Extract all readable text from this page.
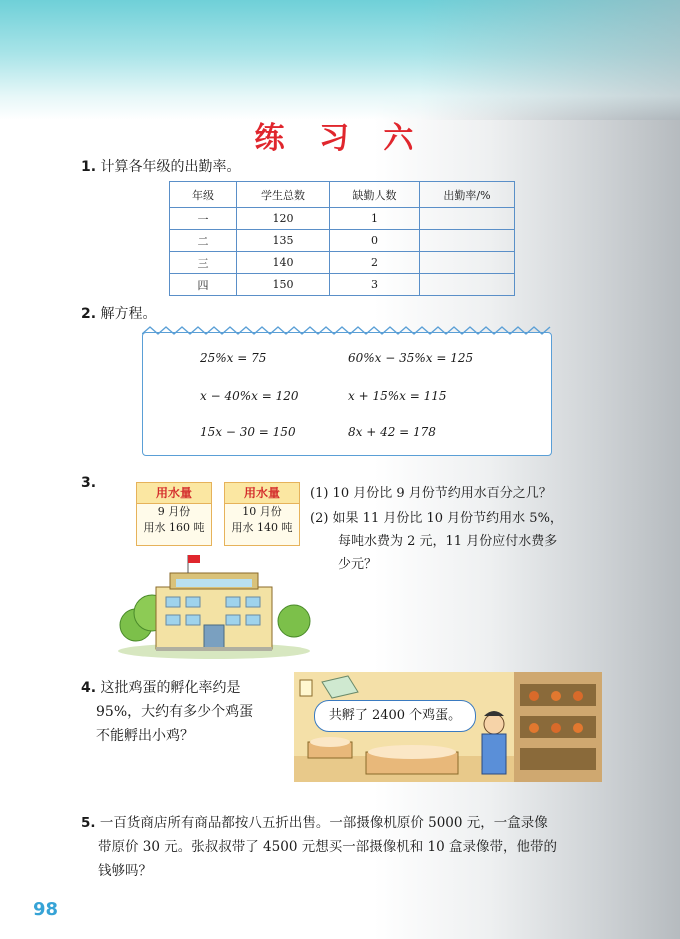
练 习 六
1. 计算各年级的出勤率。
年级	学生总数	缺勤人数	出勤率/%
一	120	1	
二	135	0	
三	140	2	
四	150	3	
2. 解方程。
25%x = 75	60%x − 35%x = 125
x − 40%x = 120	x + 15%x = 115
15x − 30 = 150	8x + 42 = 178
3.
用水量
9 月份
用水 160 吨
用水量
10 月份
用水 140 吨
(1) 10 月份比 9 月份节约用水百分之几？
(2) 如果 11 月份比 10 月份节约用水 5%，
每吨水费为 2 元，11 月份应付水费多
少元？
4. 这批鸡蛋的孵化率约是
95%，大约有多少个鸡蛋
不能孵出小鸡？
共孵了 2400 个鸡蛋。
5. 一百货商店所有商品都按八五折出售。一部摄像机原价 5000 元，一盒录像
带原价 30 元。张叔叔带了 4500 元想买一部摄像机和 10 盒录像带，他带的
钱够吗？
98
